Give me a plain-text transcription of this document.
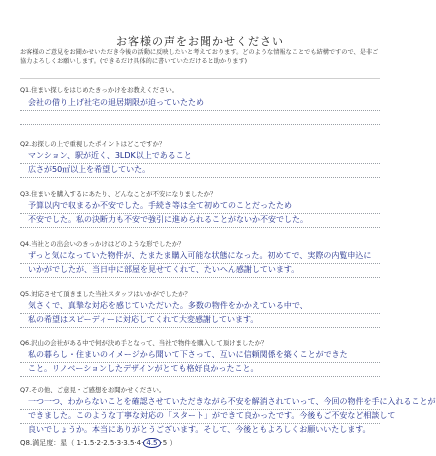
お客様の声をお聞かせください
お客様のご意見をお聞かせいただき今後の活動に反映したいと考えております。どのような情報なことでも結構ですので、是非ご協力よろしくお願いします。(できるだけ具体的に書いていただけると助かります)
Q1.住まい探しをはじめたきっかけをお教えください。
会社の借り上げ社宅の退居期限が迫っていたため
Q2.お探しの上で重視したポイントはどこですか？
マンション、駅が近く、3LDK以上であること
広さが50㎡以上を希望していた。
Q3.住まいを購入するにあたり、どんなことが不安になりましたか？
予算以内で収まるか不安でした。手続き等は全て初めてのことだったため
不安でした。私の決断力も不安で強引に進められることがないか不安でした。
Q4.当社との出会いのきっかけはどのような形でしたか？
ずっと気になっていた物件が、たまたま購入可能な状態になった。初めてで、実際の内覧申込に
いかがでしたが、当日中に部屋を見せてくれて、たいへん感謝しています。
Q5.対応させて頂きました当社スタッフはいかがでしたか？
気さくで、真摯な対応を感じていただいた。多数の物件をかかえている中で、
私の希望はスピーディーに対応してくれて大変感謝しています。
Q6.沢山の会社がある中で何が決め手となって、当社で物件を購入して頂けましたか？
私の暮らし・住まいのイメージから聞いて下さって、互いに信頼関係を築くことができた
こと。リノベーションしたデザインがとても格好良かったこと。
Q7.その他、ご意見・ご感想をお聞かせください。
一つ一つ、わからないことを確認させていただきながら不安を解消されていって、今回の物件を手に入れることが
できました。このような丁寧な対応の「スタート」ができて良かったです。今後もご不安など相談して
良いでしょうか。本当にありがとうございます。そして、今後ともよろしくお願いいたします。
Q8.満足度：星（ 1·1.5·2·2.5·3·3.5·4·4.5·5 ）
